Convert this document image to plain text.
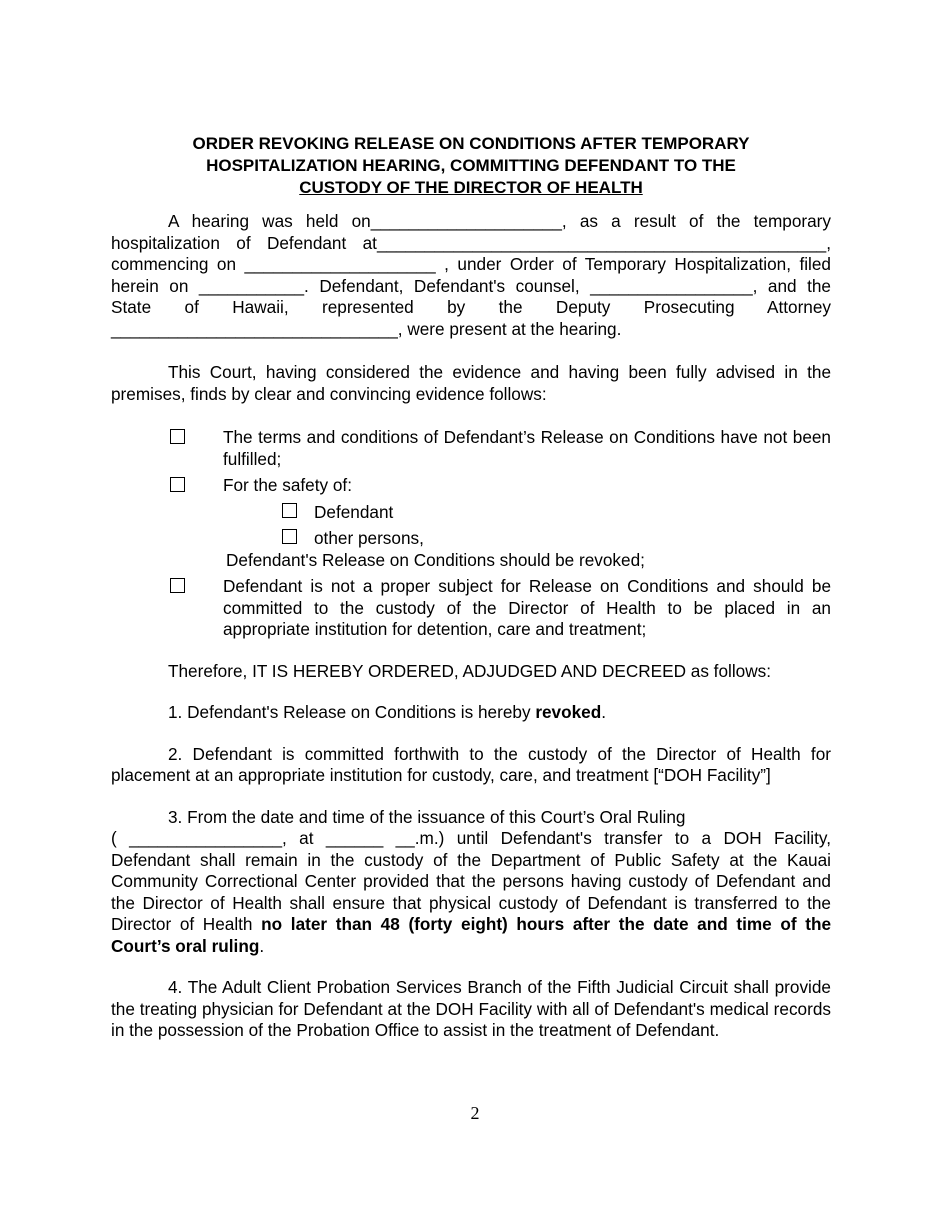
ORDER REVOKING RELEASE ON CONDITIONS AFTER TEMPORARY
HOSPITALIZATION HEARING, COMMITTING DEFENDANT TO THE
CUSTODY OF THE DIRECTOR OF HEALTH

A hearing was held on____________________, as a result of the temporary

hospitalization of Defendant at_______________________________________________,

commencing on ____________________ , under Order of Temporary Hospitalization, filed

herein on ___________. Defendant, Defendant's counsel, _________________, and the

State of Hawaii, represented by the Deputy Prosecuting Attorney

______________________________, were present at the hearing.

This Court, having considered the evidence and having been fully advised in the premises, finds by clear and convincing evidence follows:

The terms and conditions of Defendant’s Release on Conditions have not been fulfilled;

For the safety of:

Defendant

other persons,

Defendant's Release on Conditions should be revoked;

Defendant is not a proper subject for Release on Conditions and should be committed to the custody of the Director of Health to be placed in an appropriate institution for detention, care and treatment;

Therefore, IT IS HEREBY ORDERED, ADJUDGED AND DECREED as follows:

1. Defendant's Release on Conditions is hereby revoked.

2. Defendant is committed forthwith to the custody of the Director of Health for placement at an appropriate institution for custody, care, and treatment [“DOH Facility”]

3. From the date and time of the issuance of this Court’s Oral Ruling

( ________________, at ______ __.m.) until Defendant's transfer to a DOH Facility,

Defendant shall remain in the custody of the Department of Public Safety at the Kauai Community Correctional Center provided that the persons having custody of Defendant and the Director of Health shall ensure that physical custody of Defendant is transferred to the Director of Health no later than 48 (forty eight) hours after the date and time of the Court’s oral ruling.

4. The Adult Client Probation Services Branch of the Fifth Judicial Circuit shall provide the treating physician for Defendant at the DOH Facility with all of Defendant's medical records in the possession of the Probation Office to assist in the treatment of Defendant.

2
